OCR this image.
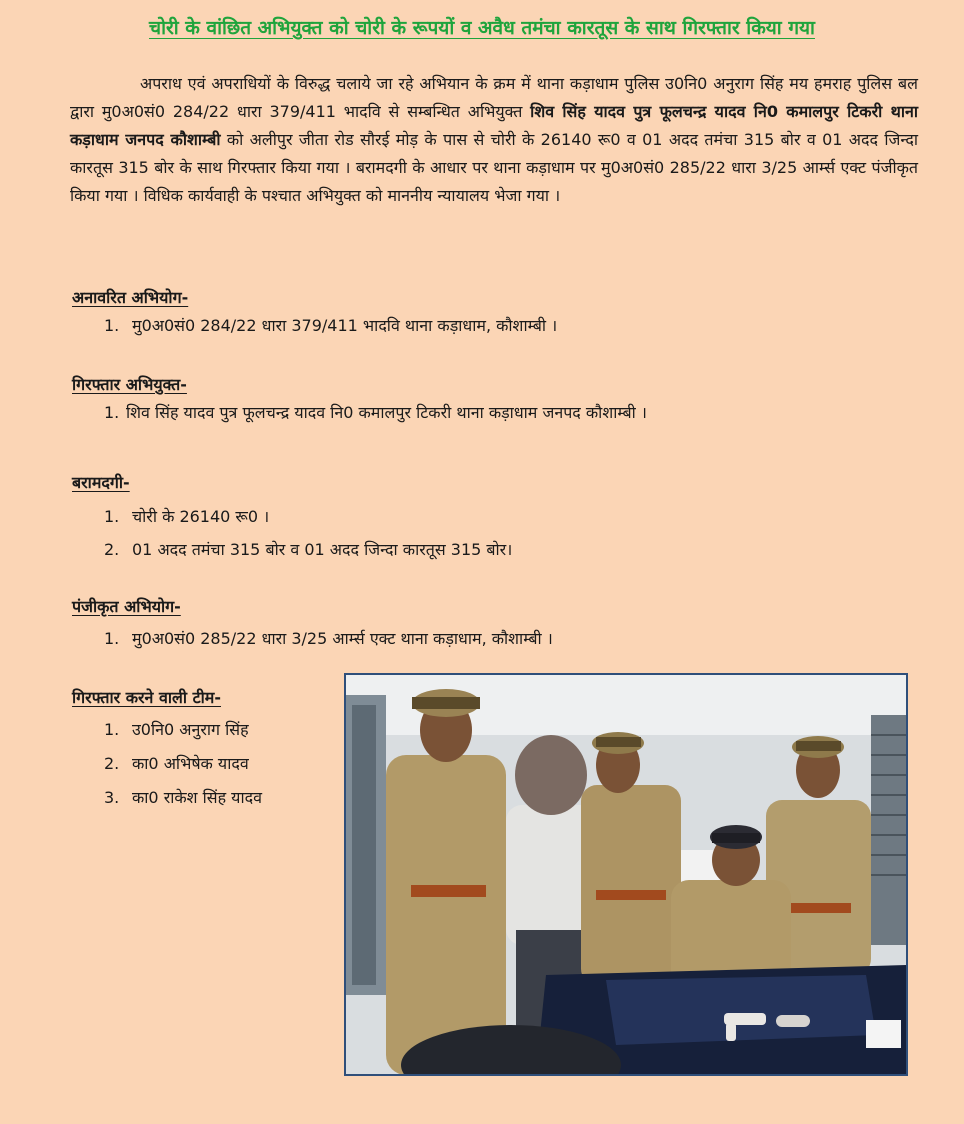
चोरी के वांछित अभियुक्त को चोरी के रूपयों व अवैध तमंचा कारतूस के साथ गिरफ्तार किया गया
अपराध एवं अपराधियों के विरुद्ध चलाये जा रहे अभियान के क्रम में थाना कड़ाधाम पुलिस उ0नि0 अनुराग सिंह मय हमराह पुलिस बल द्वारा मु0अ0सं0 284/22 धारा 379/411 भादवि से सम्बन्धित अभियुक्त शिव सिंह यादव पुत्र फूलचन्द्र यादव नि0 कमालपुर टिकरी थाना कड़ाधाम जनपद कौशाम्बी को अलीपुर जीता रोड सौरई मोड़ के पास से चोरी के 26140 रू0 व 01 अदद तमंचा 315 बोर व 01 अदद जिन्दा कारतूस 315 बोर के साथ गिरफ्तार किया गया । बरामदगी के आधार पर थाना कड़ाधाम पर मु0अ0सं0 285/22 धारा 3/25 आर्म्स एक्ट पंजीकृत किया गया । विधिक कार्यवाही के पश्चात अभियुक्त को माननीय न्यायालय भेजा गया ।
अनावरित अभियोग-
1. मु0अ0सं0 284/22 धारा 379/411 भादवि थाना कड़ाधाम, कौशाम्बी ।
गिरफ्तार अभियुक्त-
1. शिव सिंह यादव पुत्र फूलचन्द्र यादव नि0 कमालपुर टिकरी थाना कड़ाधाम जनपद कौशाम्बी ।
बरामदगी-
1. चोरी के 26140 रू0 ।
2. 01 अदद तमंचा 315 बोर व 01 अदद जिन्दा कारतूस 315 बोर।
पंजीकृत अभियोग-
1. मु0अ0सं0 285/22 धारा 3/25 आर्म्स एक्ट थाना कड़ाधाम, कौशाम्बी ।
गिरफ्तार करने वाली टीम-
1. उ0नि0 अनुराग सिंह
2. का0 अभिषेक यादव
3. का0 राकेश सिंह यादव
